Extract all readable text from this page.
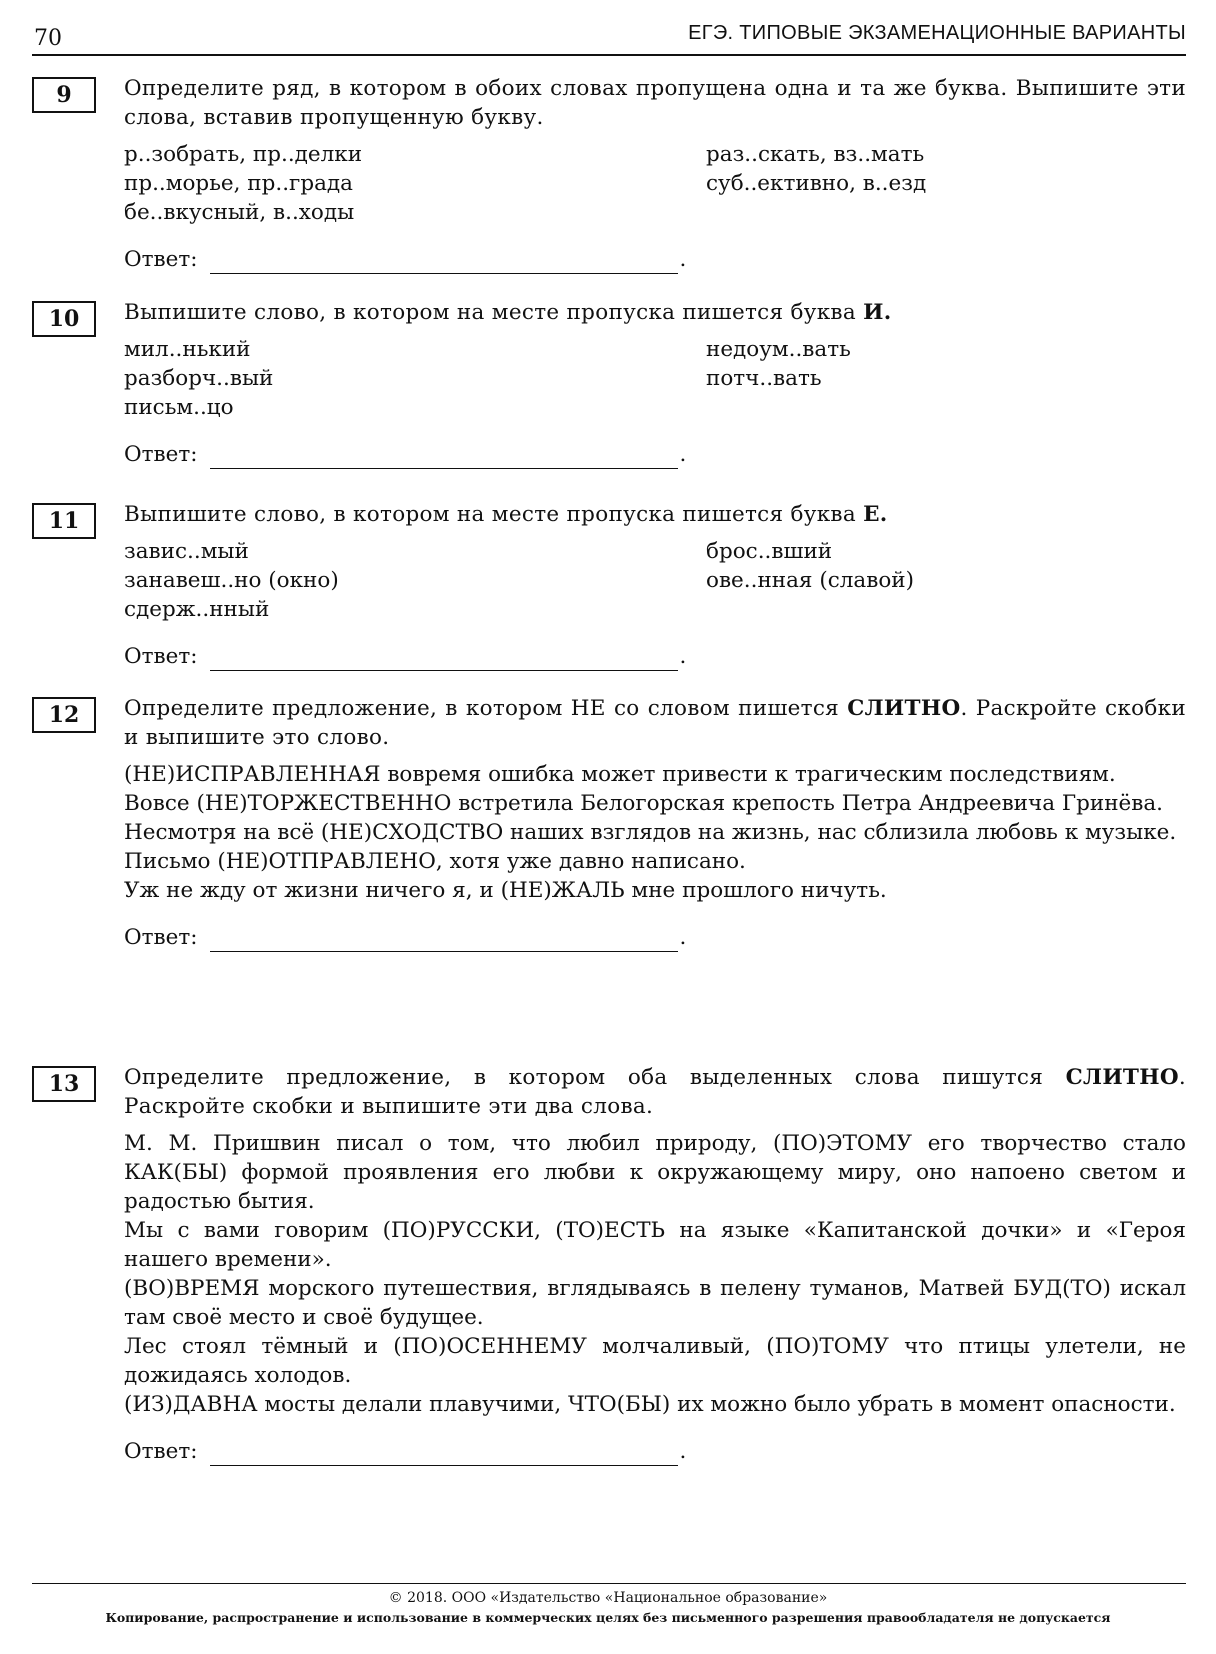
70	ЕГЭ. ТИПОВЫЕ ЭКЗАМЕНАЦИОННЫЕ ВАРИАНТЫ
9	Определите ряд, в котором в обоих словах пропущена одна и та же буква. Выпишите эти слова, вставив пропущенную букву.

р..зобрать, пр..делки	раз..скать, вз..мать
пр..морье, пр..града	суб..ективно, в..езд
бе..вкусный, в..ходы
Ответ:	.
10	Выпишите слово, в котором на месте пропуска пишется буква И.

мил..нький	недоум..вать
разборч..вый	потч..вать
письм..цо
Ответ:	.
11	Выпишите слово, в котором на месте пропуска пишется буква Е.

завис..мый	брос..вший
занавеш..но (окно)	ове..нная (славой)
сдерж..нный
Ответ:	.
12	Определите предложение, в котором НЕ со словом пишется СЛИТНО. Раскройте скобки и выпишите это слово.

(НЕ)ИСПРАВЛЕННАЯ вовремя ошибка может привести к трагическим последствиям.

Вовсе (НЕ)ТОРЖЕСТВЕННО встретила Белогорская крепость Петра Андреевича Гринёва.

Несмотря на всё (НЕ)СХОДСТВО наших взглядов на жизнь, нас сблизила любовь к музыке.

Письмо (НЕ)ОТПРАВЛЕНО, хотя уже давно написано.

Уж не жду от жизни ничего я, и (НЕ)ЖАЛЬ мне прошлого ничуть.

Ответ:	.
13	Определите предложение, в котором оба выделенных слова пишутся СЛИТНО. Раскройте скобки и выпишите эти два слова.

М. М. Пришвин писал о том, что любил природу, (ПО)ЭТОМУ его творчество стало КАК(БЫ) формой проявления его любви к окружающему миру, оно напоено светом и радостью бытия.

Мы с вами говорим (ПО)РУССКИ, (ТО)ЕСТЬ на языке «Капитанской дочки» и «Героя нашего времени».

(ВО)ВРЕМЯ морского путешествия, вглядываясь в пелену туманов, Матвей БУД(ТО) искал там своё место и своё будущее.

Лес стоял тёмный и (ПО)ОСЕННЕМУ молчаливый, (ПО)ТОМУ что птицы улетели, не дожидаясь холодов.

(ИЗ)ДАВНА мосты делали плавучими, ЧТО(БЫ) их можно было убрать в момент опасности.

Ответ:	.
© 2018. ООО «Издательство «Национальное образование»
Копирование, распространение и использование в коммерческих целях без письменного разрешения правообладателя не допускается
